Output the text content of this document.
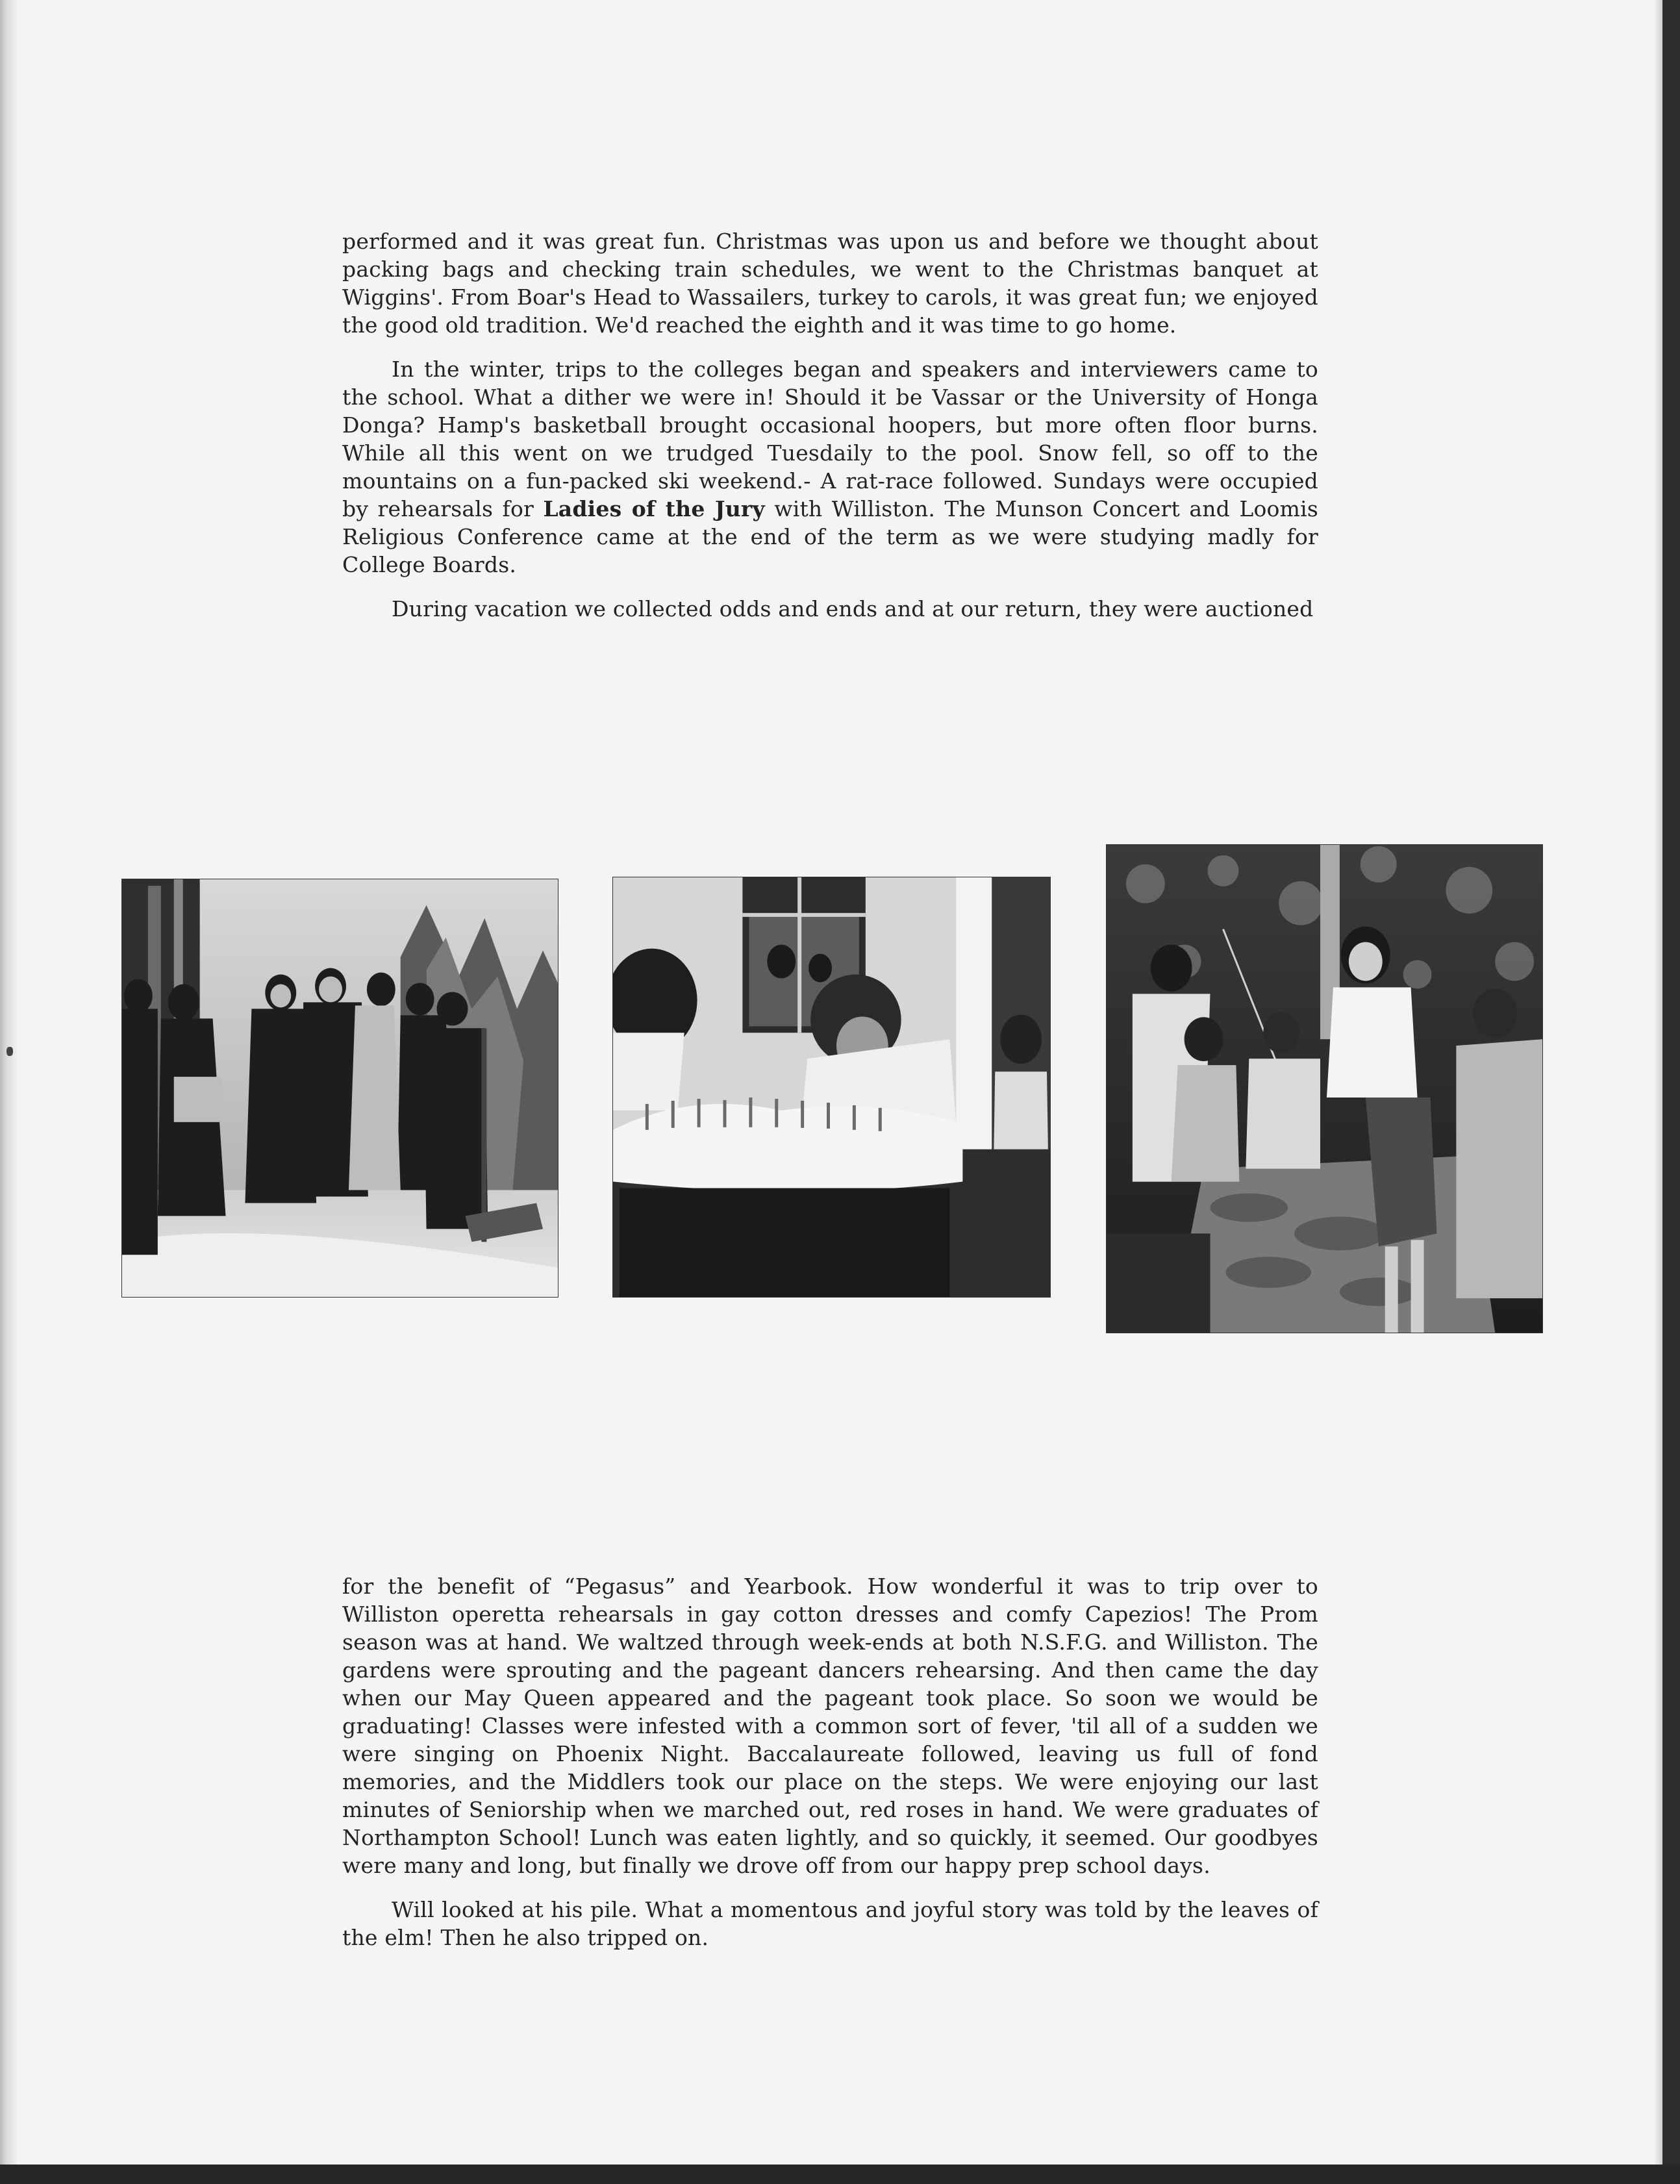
performed and it was great fun. Christmas was upon us and before we thought about packing bags and checking train schedules, we went to the Christmas banquet at Wiggins'. From Boar's Head to Wassailers, turkey to carols, it was great fun; we enjoyed the good old tradition. We'd reached the eighth and it was time to go home.

In the winter, trips to the colleges began and speakers and interviewers came to the school. What a dither we were in! Should it be Vassar or the University of Honga Donga? Hamp's basketball brought occasional hoopers, but more often floor burns. While all this went on we trudged Tuesdaily to the pool. Snow fell, so off to the mountains on a fun-packed ski weekend.- A rat-race followed. Sundays were occupied by rehearsals for Ladies of the Jury with Williston. The Munson Concert and Loomis Religious Conference came at the end of the term as we were studying madly for College Boards.

During vacation we collected odds and ends and at our return, they were auctioned

for the benefit of “Pegasus” and Yearbook. How wonderful it was to trip over to Williston operetta rehearsals in gay cotton dresses and comfy Capezios! The Prom season was at hand. We waltzed through week-ends at both N.S.F.G. and Williston. The gardens were sprouting and the pageant dancers rehearsing. And then came the day when our May Queen appeared and the pageant took place. So soon we would be graduating! Classes were infested with a common sort of fever, 'til all of a sudden we were singing on Phoenix Night. Baccalaureate followed, leaving us full of fond memories, and the Middlers took our place on the steps. We were enjoying our last minutes of Seniorship when we marched out, red roses in hand. We were graduates of Northampton School! Lunch was eaten lightly, and so quickly, it seemed. Our goodbyes were many and long, but finally we drove off from our happy prep school days.

Will looked at his pile. What a momentous and joyful story was told by the leaves of the elm! Then he also tripped on.
